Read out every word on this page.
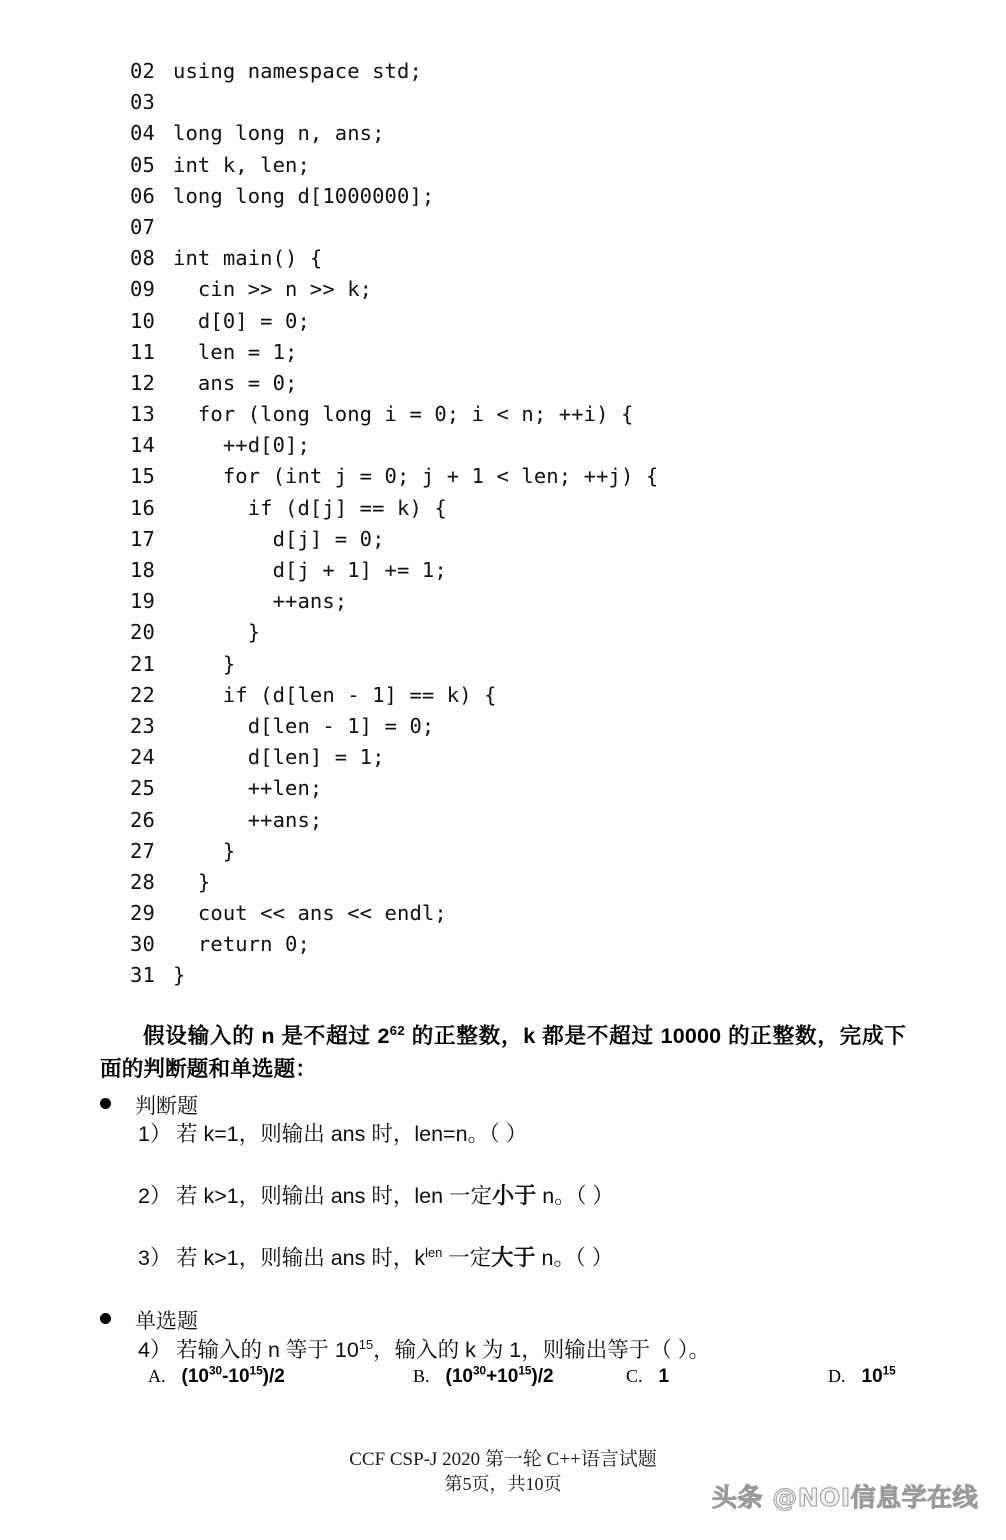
02 using namespace std;
03
04 long long n, ans;
05 int k, len;
06 long long d[1000000];
07
08 int main() {
09  cin >> n >> k;
10  d[0] = 0;
11  len = 1;
12  ans = 0;
13  for (long long i = 0; i < n; ++i) {
14    ++d[0];
15    for (int j = 0; j + 1 < len; ++j) {
16      if (d[j] == k) {
17        d[j] = 0;
18        d[j + 1] += 1;
19        ++ans;
20      }
21    }
22    if (d[len - 1] == k) {
23      d[len - 1] = 0;
24      d[len] = 1;
25      ++len;
26      ++ans;
27    }
28  }
29  cout << ans << endl;
30  return 0;
31 }
假设输入的 n 是不超过 $2^{62}$ 的正整数，k 都是不超过 10000 的正整数，完成下面的判断题和单选题：
判断题
1） 若 k=1，则输出 ans 时，len=n。（ ）
2） 若 k>1，则输出 ans 时，len 一定小于 n。（ ）
3） 若 k>1，则输出 ans 时，$k^{len}$ 一定大于 n。（ ）
单选题
4） 若输入的 n 等于 $10^{15}$，输入的 k 为 1，则输出等于（ ）。
A. $(10^{30}-10^{15})/2$	B. $(10^{30}+10^{15})/2$	C. 1	D. $10^{15}$
CCF CSP-J 2020 第一轮 C++语言试题
第5页，共10页	头条 @NOI信息学在线
